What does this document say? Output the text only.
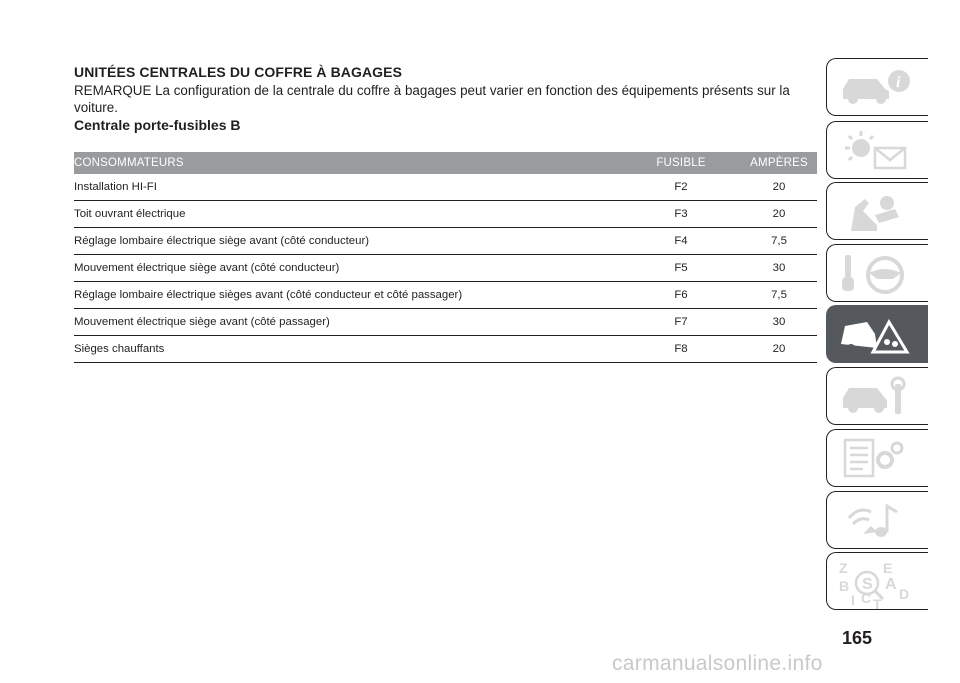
UNITÉES CENTRALES DU COFFRE À BAGAGES
REMARQUE La configuration de la centrale du coffre à bagages peut varier en fonction des équipements présents sur la voiture.
Centrale porte-fusibles B
CONSOMMATEURS	FUSIBLE	AMPÈRES
Installation HI-FI	F2	20
Toit ouvrant électrique	F3	20
Réglage lombaire électrique siège avant (côté conducteur)	F4	7,5
Mouvement électrique siège avant (côté conducteur)	F5	30
Réglage lombaire électrique sièges avant (côté conducteur et côté passager)	F6	7,5
Mouvement électrique siège avant (côté passager)	F7	30
Sièges chauffants	F8	20
i
Z	E
A
B
C D
T
I
S
165
carmanualsonline.info
